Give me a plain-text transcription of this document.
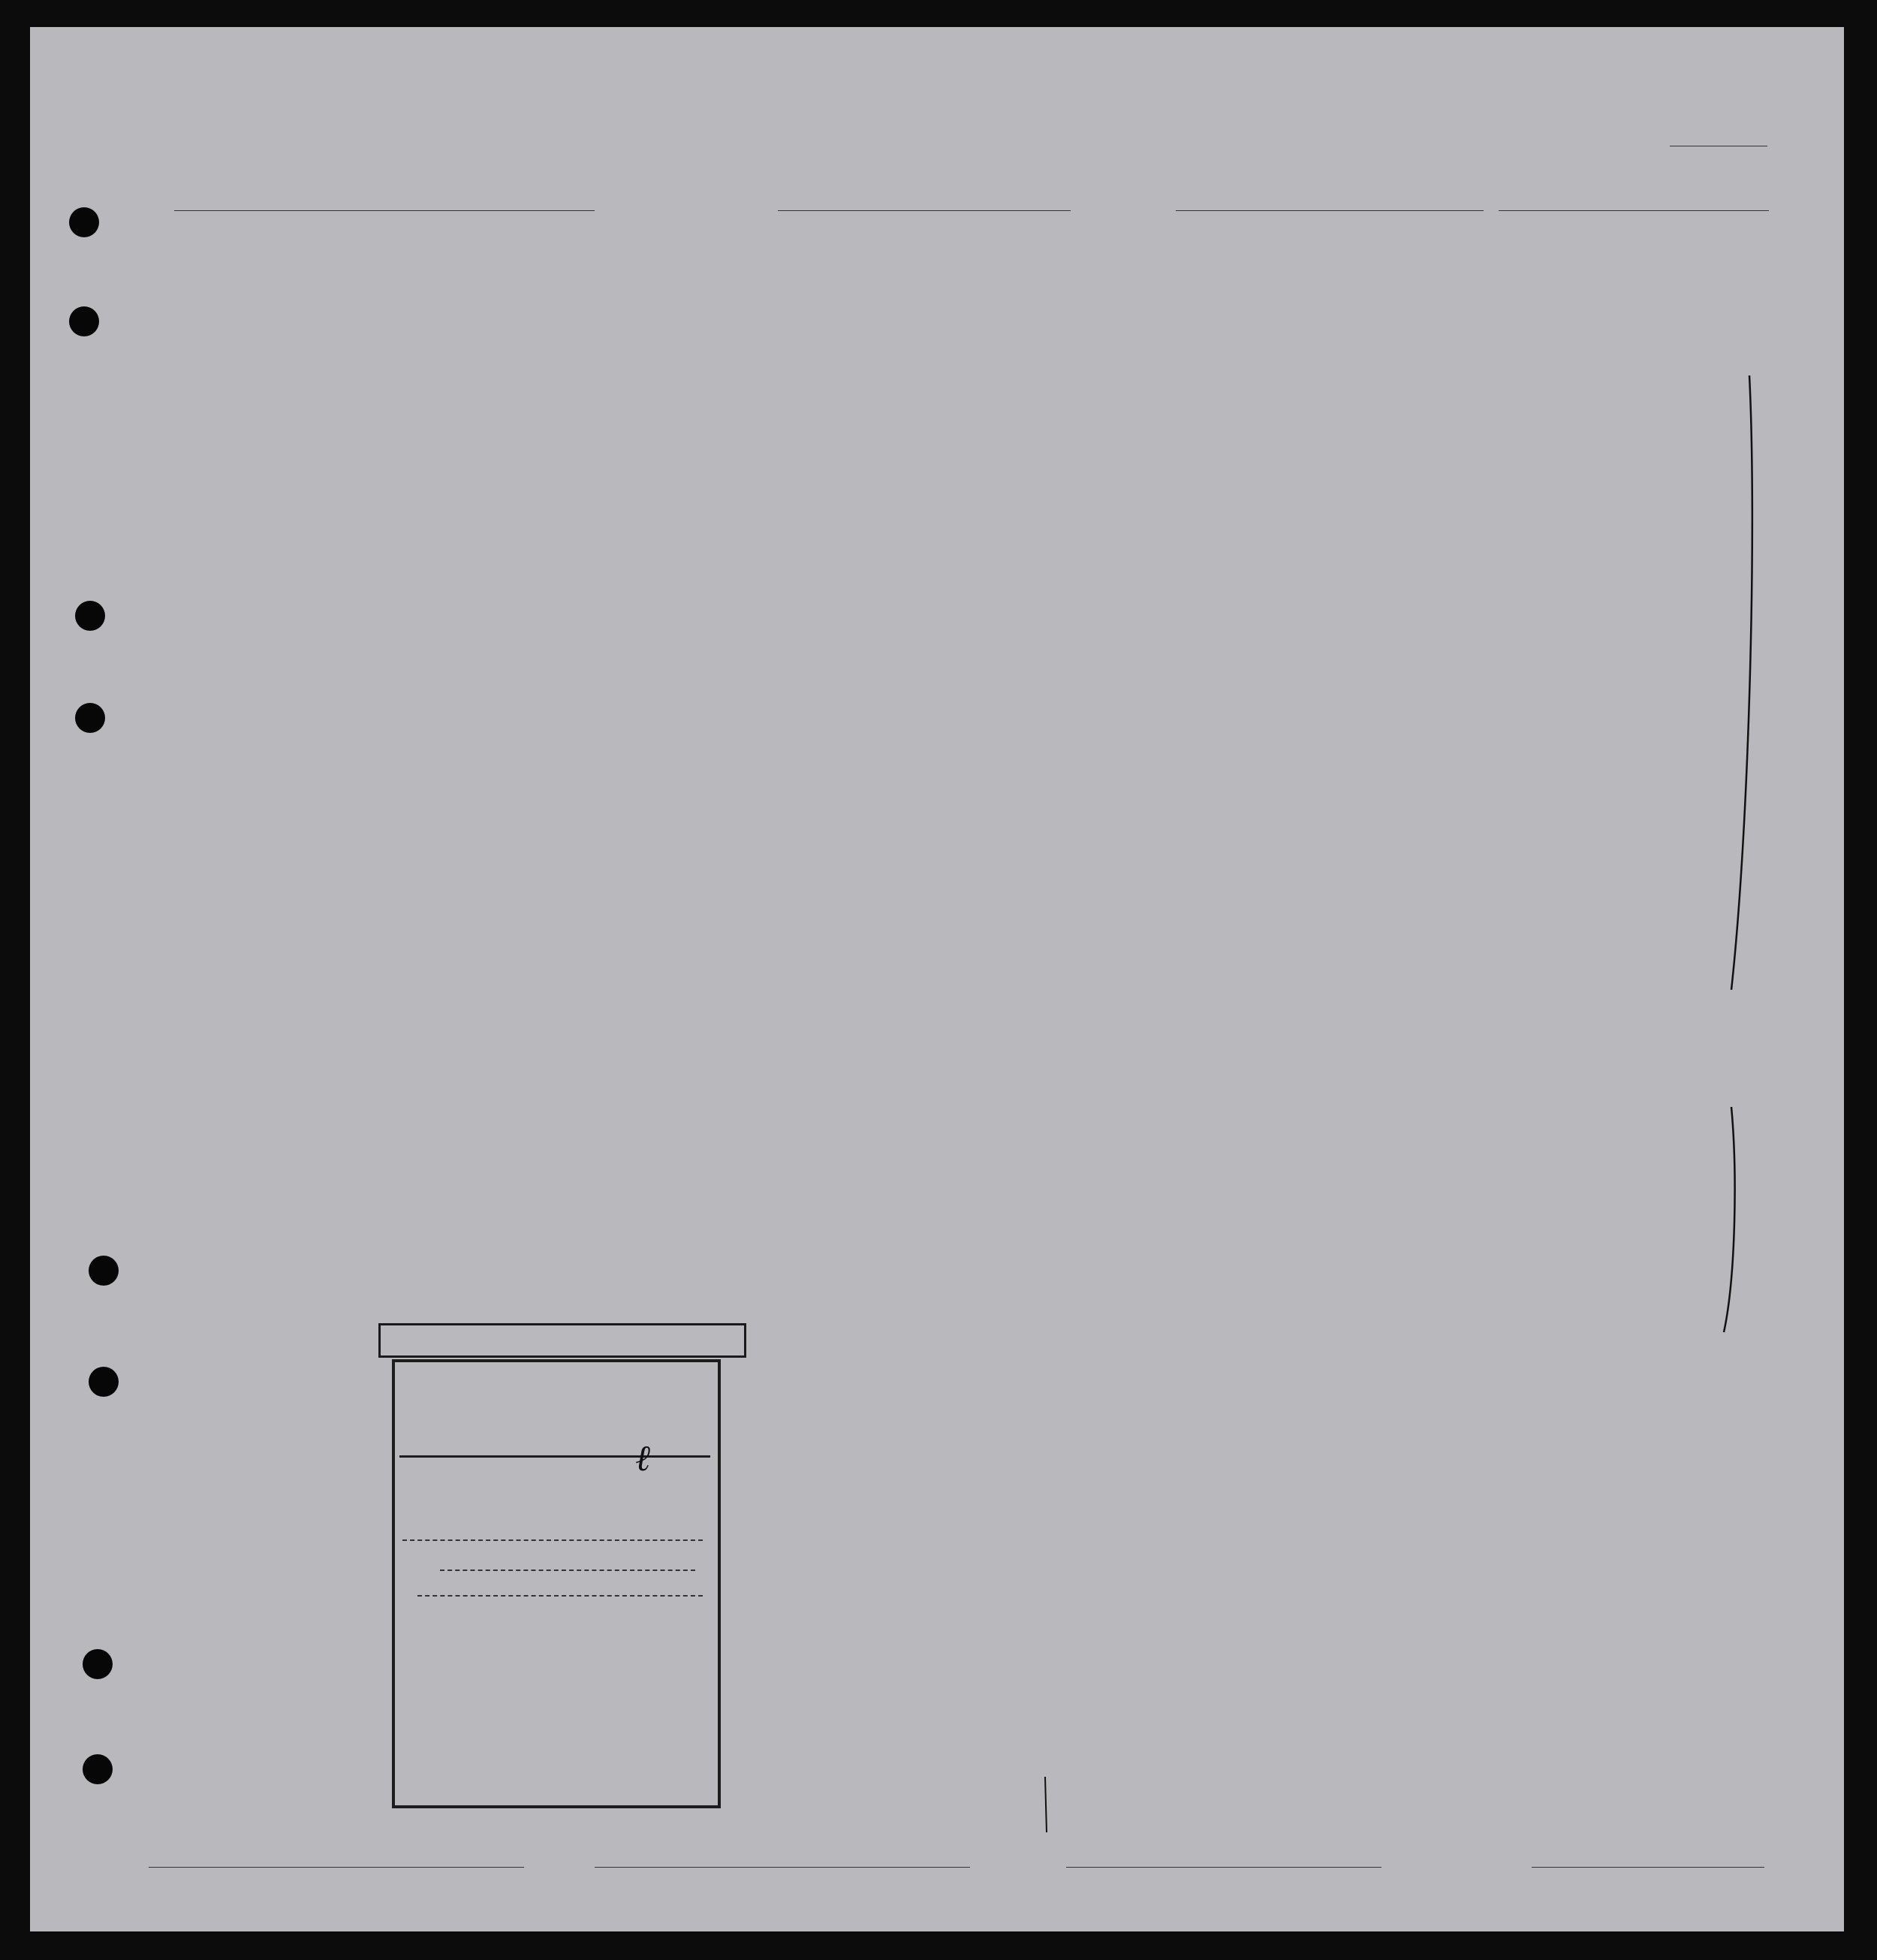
ℓ
